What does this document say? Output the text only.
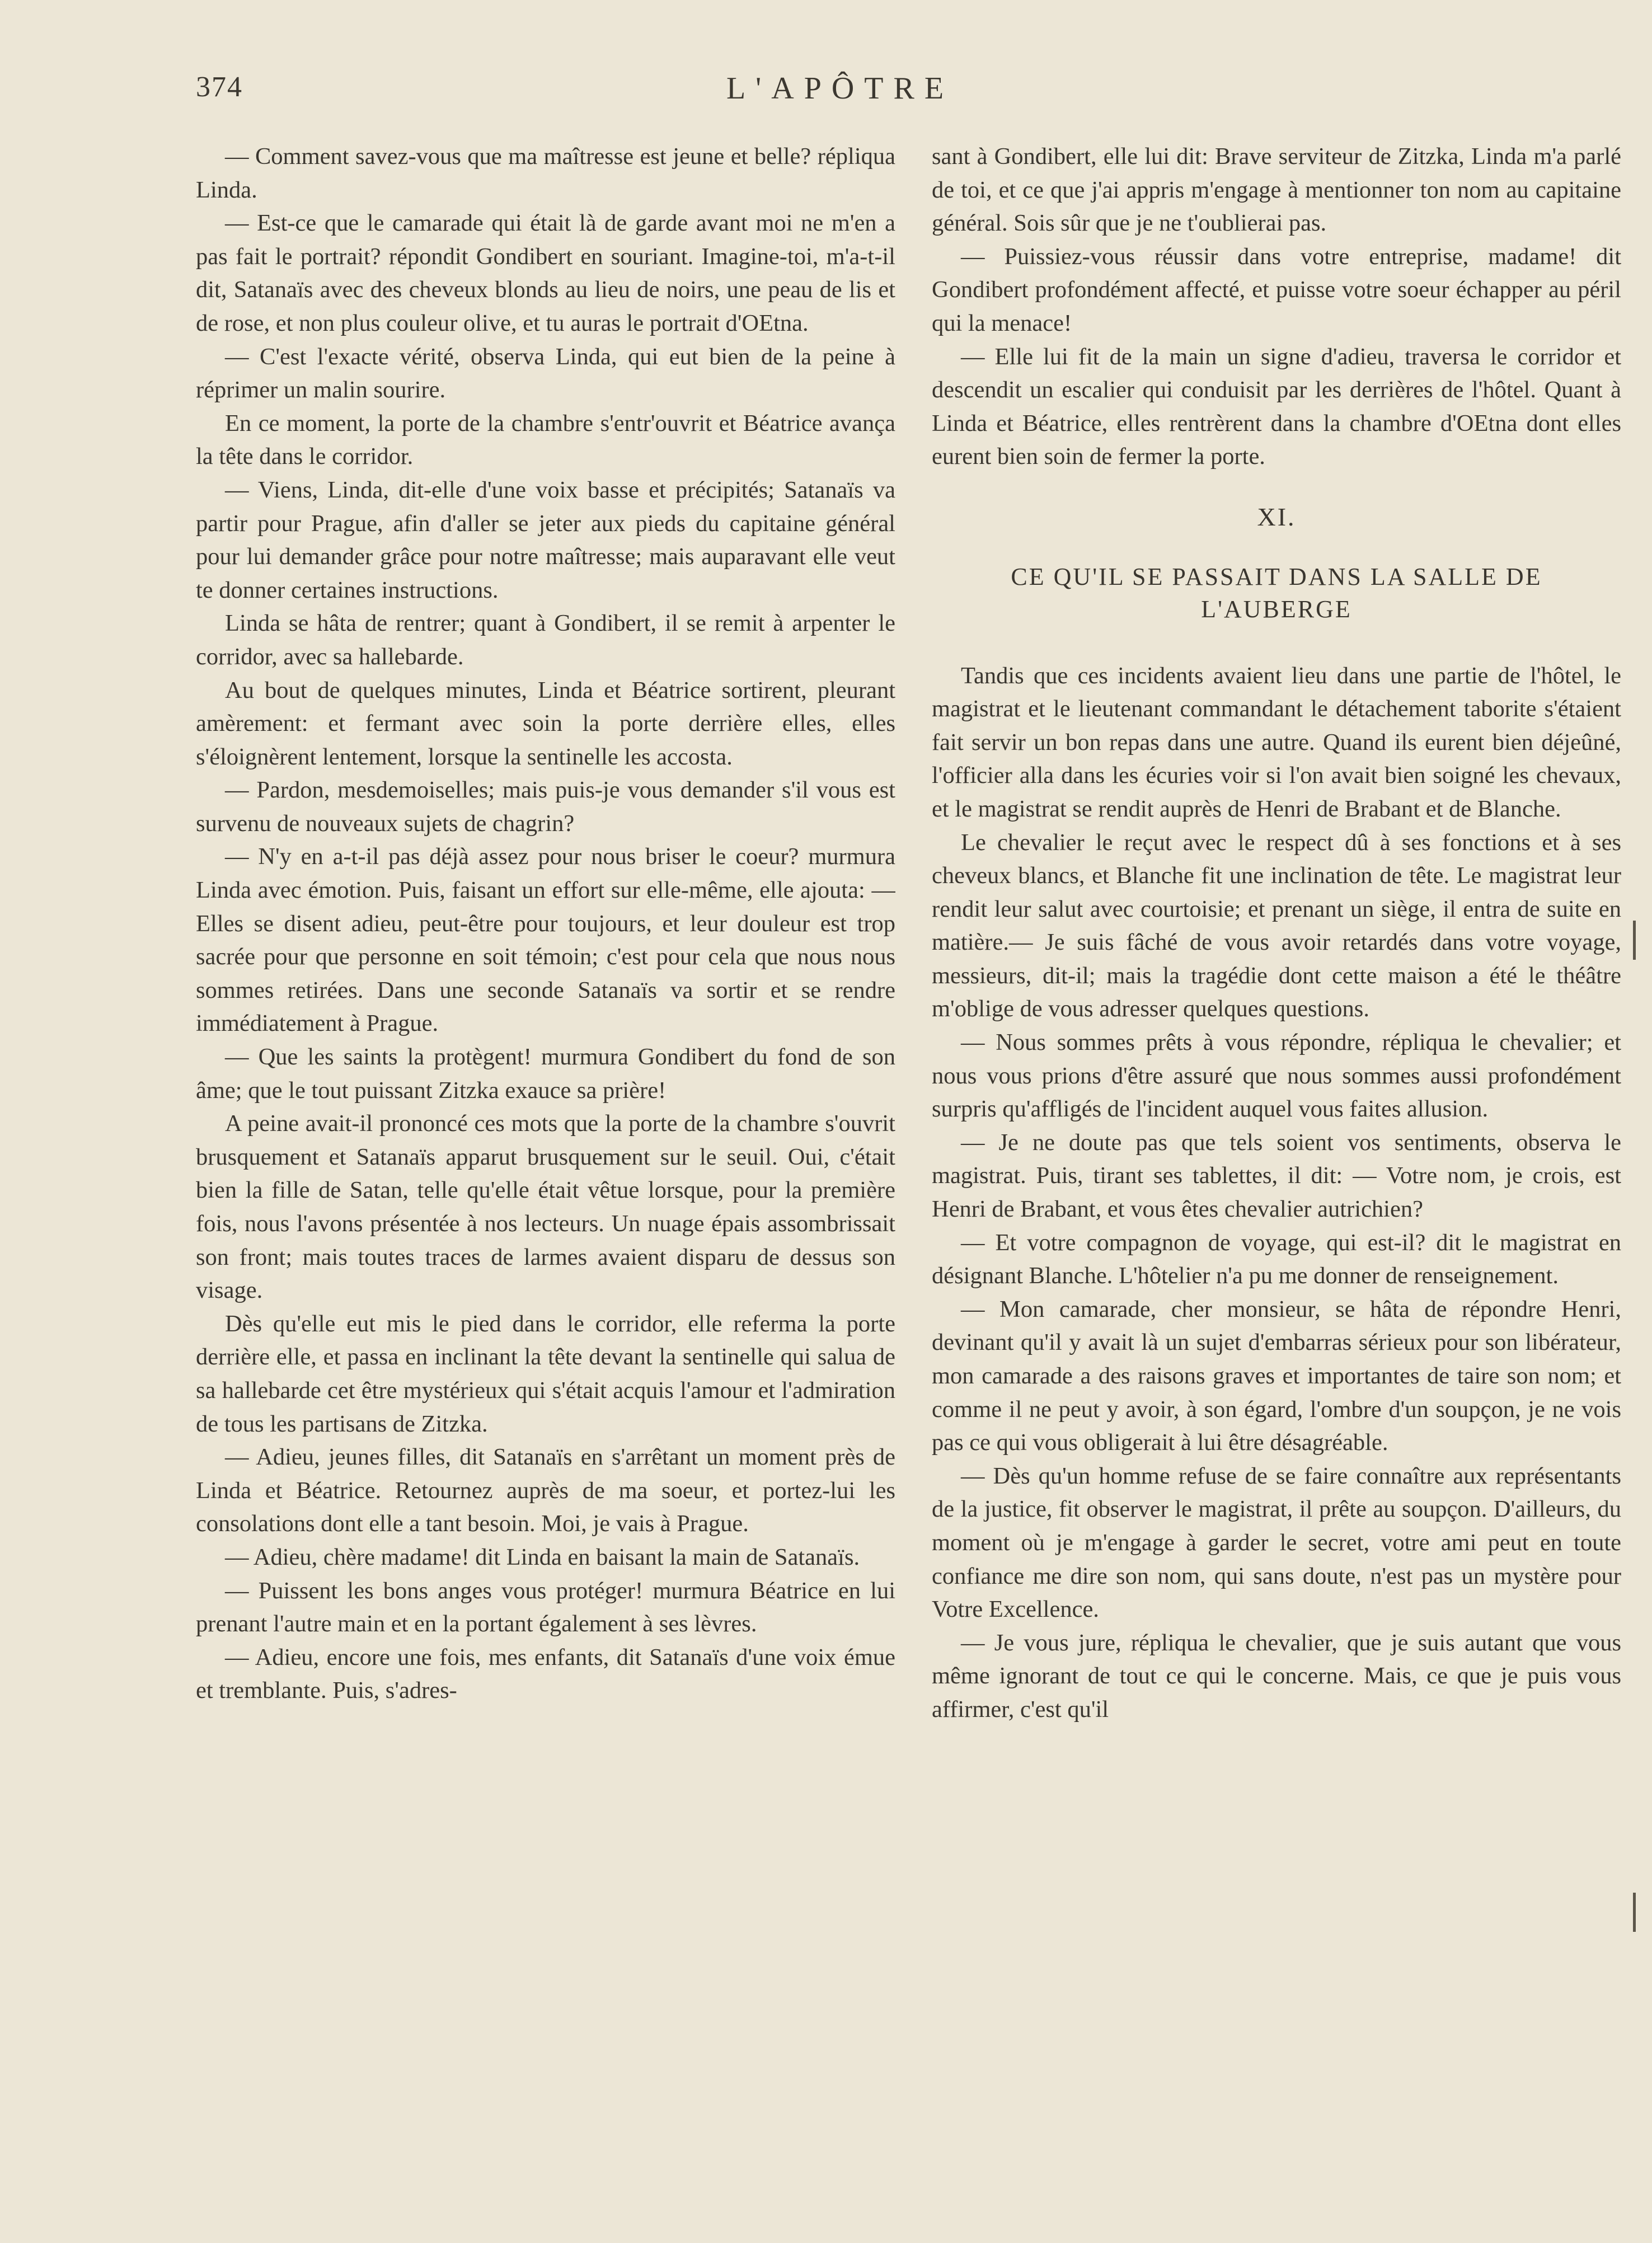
374	L'APÔTRE

— Comment savez-vous que ma maîtresse est jeune et belle? répliqua Linda.

— Est-ce que le camarade qui était là de garde avant moi ne m'en a pas fait le portrait? répondit Gondibert en souriant. Imagine-toi, m'a-t-il dit, Satanaïs avec des cheveux blonds au lieu de noirs, une peau de lis et de rose, et non plus couleur olive, et tu auras le portrait d'OEtna.

— C'est l'exacte vérité, observa Linda, qui eut bien de la peine à réprimer un malin sourire.

En ce moment, la porte de la chambre s'entr'ouvrit et Béatrice avança la tête dans le corridor.

— Viens, Linda, dit-elle d'une voix basse et précipités; Satanaïs va partir pour Prague, afin d'aller se jeter aux pieds du capitaine général pour lui demander grâce pour notre maîtresse; mais auparavant elle veut te donner certaines instructions.

Linda se hâta de rentrer; quant à Gondibert, il se remit à arpenter le corridor, avec sa hallebarde.

Au bout de quelques minutes, Linda et Béatrice sortirent, pleurant amèrement: et fermant avec soin la porte derrière elles, elles s'éloignèrent lentement, lorsque la sentinelle les accosta.

— Pardon, mesdemoiselles; mais puis-je vous demander s'il vous est survenu de nouveaux sujets de chagrin?

— N'y en a-t-il pas déjà assez pour nous briser le coeur? murmura Linda avec émotion. Puis, faisant un effort sur elle-même, elle ajouta: — Elles se disent adieu, peut-être pour toujours, et leur douleur est trop sacrée pour que personne en soit témoin; c'est pour cela que nous nous sommes retirées. Dans une seconde Satanaïs va sortir et se rendre immédiatement à Prague.

— Que les saints la protègent! murmura Gondibert du fond de son âme; que le tout puissant Zitzka exauce sa prière!

A peine avait-il prononcé ces mots que la porte de la chambre s'ouvrit brusquement et Satanaïs apparut brusquement sur le seuil. Oui, c'était bien la fille de Satan, telle qu'elle était vêtue lorsque, pour la première fois, nous l'avons présentée à nos lecteurs. Un nuage épais assombrissait son front; mais toutes traces de larmes avaient disparu de dessus son visage.

Dès qu'elle eut mis le pied dans le corridor, elle referma la porte derrière elle, et passa en inclinant la tête devant la sentinelle qui salua de sa hallebarde cet être mystérieux qui s'était acquis l'amour et l'admiration de tous les partisans de Zitzka.

— Adieu, jeunes filles, dit Satanaïs en s'arrêtant un moment près de Linda et Béatrice. Retournez auprès de ma soeur, et portez-lui les consolations dont elle a tant besoin. Moi, je vais à Prague.

— Adieu, chère madame! dit Linda en baisant la main de Satanaïs.

— Puissent les bons anges vous protéger! murmura Béatrice en lui prenant l'autre main et en la portant également à ses lèvres.

— Adieu, encore une fois, mes enfants, dit Satanaïs d'une voix émue et tremblante. Puis, s'adres-

sant à Gondibert, elle lui dit: Brave serviteur de Zitzka, Linda m'a parlé de toi, et ce que j'ai appris m'engage à mentionner ton nom au capitaine général. Sois sûr que je ne t'oublierai pas.

— Puissiez-vous réussir dans votre entreprise, madame! dit Gondibert profondément affecté, et puisse votre soeur échapper au péril qui la menace!

— Elle lui fit de la main un signe d'adieu, traversa le corridor et descendit un escalier qui conduisit par les derrières de l'hôtel. Quant à Linda et Béatrice, elles rentrèrent dans la chambre d'OEtna dont elles eurent bien soin de fermer la porte.

XI.

CE QU'IL SE PASSAIT DANS LA SALLE DE L'AUBERGE

Tandis que ces incidents avaient lieu dans une partie de l'hôtel, le magistrat et le lieutenant commandant le détachement taborite s'étaient fait servir un bon repas dans une autre. Quand ils eurent bien déjeûné, l'officier alla dans les écuries voir si l'on avait bien soigné les chevaux, et le magistrat se rendit auprès de Henri de Brabant et de Blanche.

Le chevalier le reçut avec le respect dû à ses fonctions et à ses cheveux blancs, et Blanche fit une inclination de tête. Le magistrat leur rendit leur salut avec courtoisie; et prenant un siège, il entra de suite en matière.— Je suis fâché de vous avoir retardés dans votre voyage, messieurs, dit-il; mais la tragédie dont cette maison a été le théâtre m'oblige de vous adresser quelques questions.

— Nous sommes prêts à vous répondre, répliqua le chevalier; et nous vous prions d'être assuré que nous sommes aussi profondément surpris qu'affligés de l'incident auquel vous faites allusion.

— Je ne doute pas que tels soient vos sentiments, observa le magistrat. Puis, tirant ses tablettes, il dit: — Votre nom, je crois, est Henri de Brabant, et vous êtes chevalier autrichien?

— Et votre compagnon de voyage, qui est-il? dit le magistrat en désignant Blanche. L'hôtelier n'a pu me donner de renseignement.

— Mon camarade, cher monsieur, se hâta de répondre Henri, devinant qu'il y avait là un sujet d'embarras sérieux pour son libérateur, mon camarade a des raisons graves et importantes de taire son nom; et comme il ne peut y avoir, à son égard, l'ombre d'un soupçon, je ne vois pas ce qui vous obligerait à lui être désagréable.

— Dès qu'un homme refuse de se faire connaître aux représentants de la justice, fit observer le magistrat, il prête au soupçon. D'ailleurs, du moment où je m'engage à garder le secret, votre ami peut en toute confiance me dire son nom, qui sans doute, n'est pas un mystère pour Votre Excellence.

— Je vous jure, répliqua le chevalier, que je suis autant que vous même ignorant de tout ce qui le concerne. Mais, ce que je puis vous affirmer, c'est qu'il
